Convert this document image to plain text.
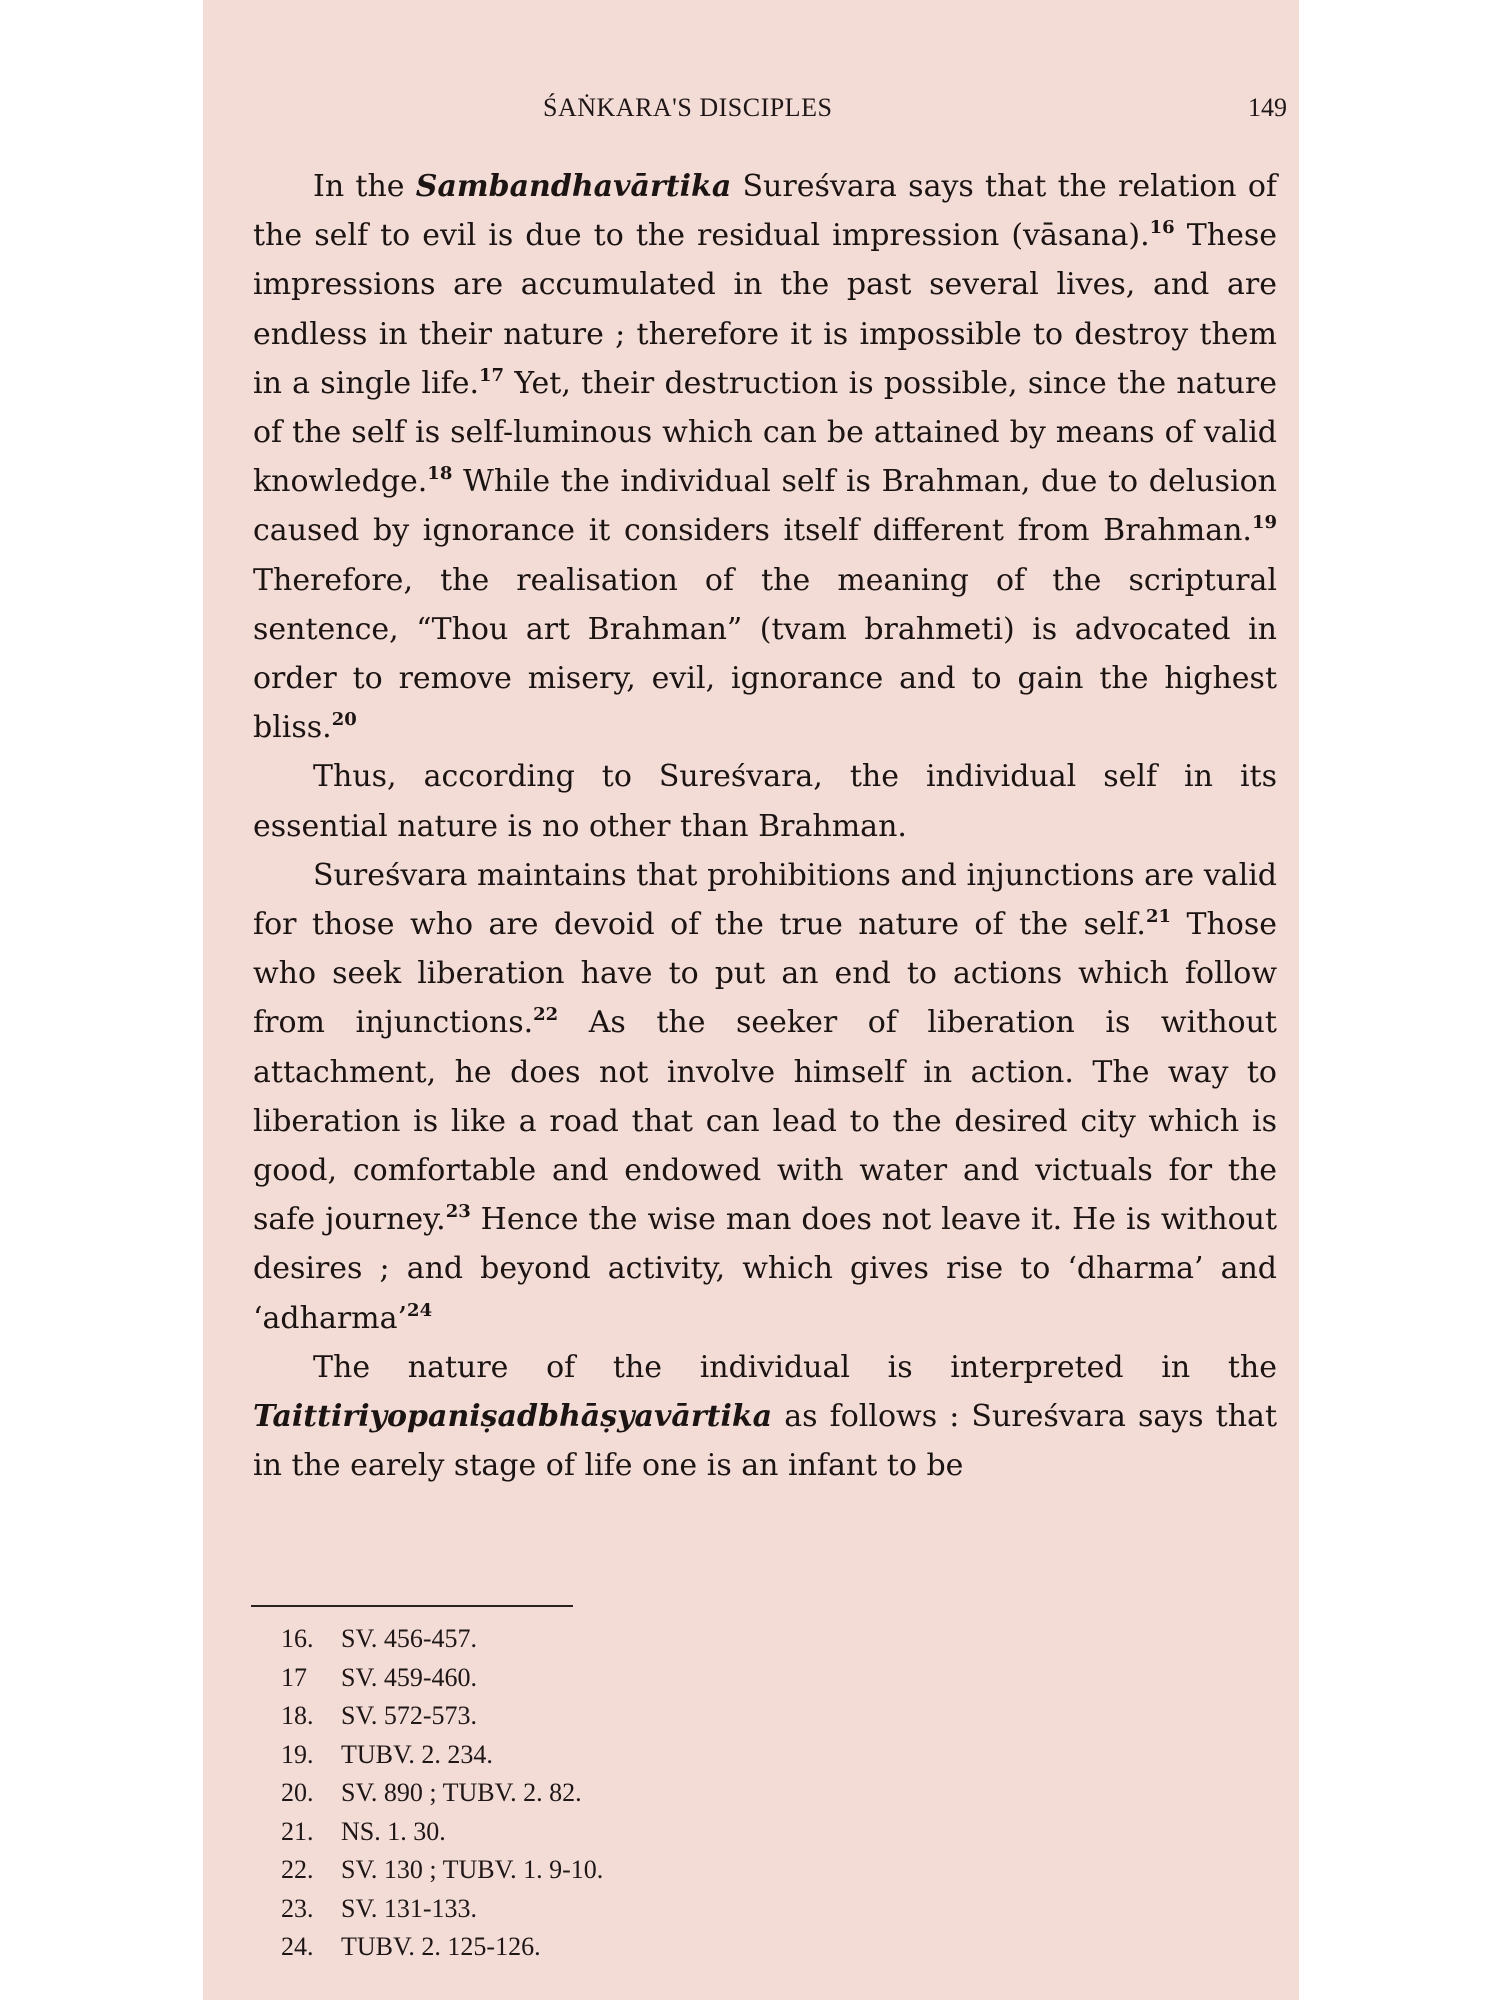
ŚAṄKARA'S DISCIPLES	149

In the Sambandhavārtika Sureśvara says that the relation of the self to evil is due to the residual impression (vāsana).$^{16}$ These impressions are accumulated in the past several lives, and are endless in their nature ; therefore it is impossible to destroy them in a single life.$^{17}$ Yet, their destruction is possible, since the nature of the self is self-luminous which can be attained by means of valid knowledge.$^{18}$ While the individual self is Brahman, due to delusion caused by ignorance it considers itself different from Brahman.$^{19}$ Therefore, the realisation of the meaning of the scriptural sentence, “Thou art Brahman” (tvam brahmeti) is advocated in order to remove misery, evil, ignorance and to gain the highest bliss.$^{20}$

Thus, according to Sureśvara, the individual self in its essential nature is no other than Brahman.

Sureśvara maintains that prohibitions and injunctions are valid for those who are devoid of the true nature of the self.$^{21}$ Those who seek liberation have to put an end to actions which follow from injunctions.$^{22}$ As the seeker of liberation is without attachment, he does not involve himself in action. The way to liberation is like a road that can lead to the desired city which is good, comfortable and endowed with water and victuals for the safe journey.$^{23}$ Hence the wise man does not leave it. He is without desires ; and beyond activity, which gives rise to ‘dharma’ and ‘adharma’$^{24}$

The nature of the individual is interpreted in the Taittiriyopaniṣadbhāṣyavārtika as follows : Sureśvara says that in the earely stage of life one is an infant to be

16. SV. 456-457.
17 SV. 459-460.
18. SV. 572-573.
19. TUBV. 2. 234.
20. SV. 890 ; TUBV. 2. 82.
21. NS. 1. 30.
22. SV. 130 ; TUBV. 1. 9-10.
23. SV. 131-133.
24. TUBV. 2. 125-126.
